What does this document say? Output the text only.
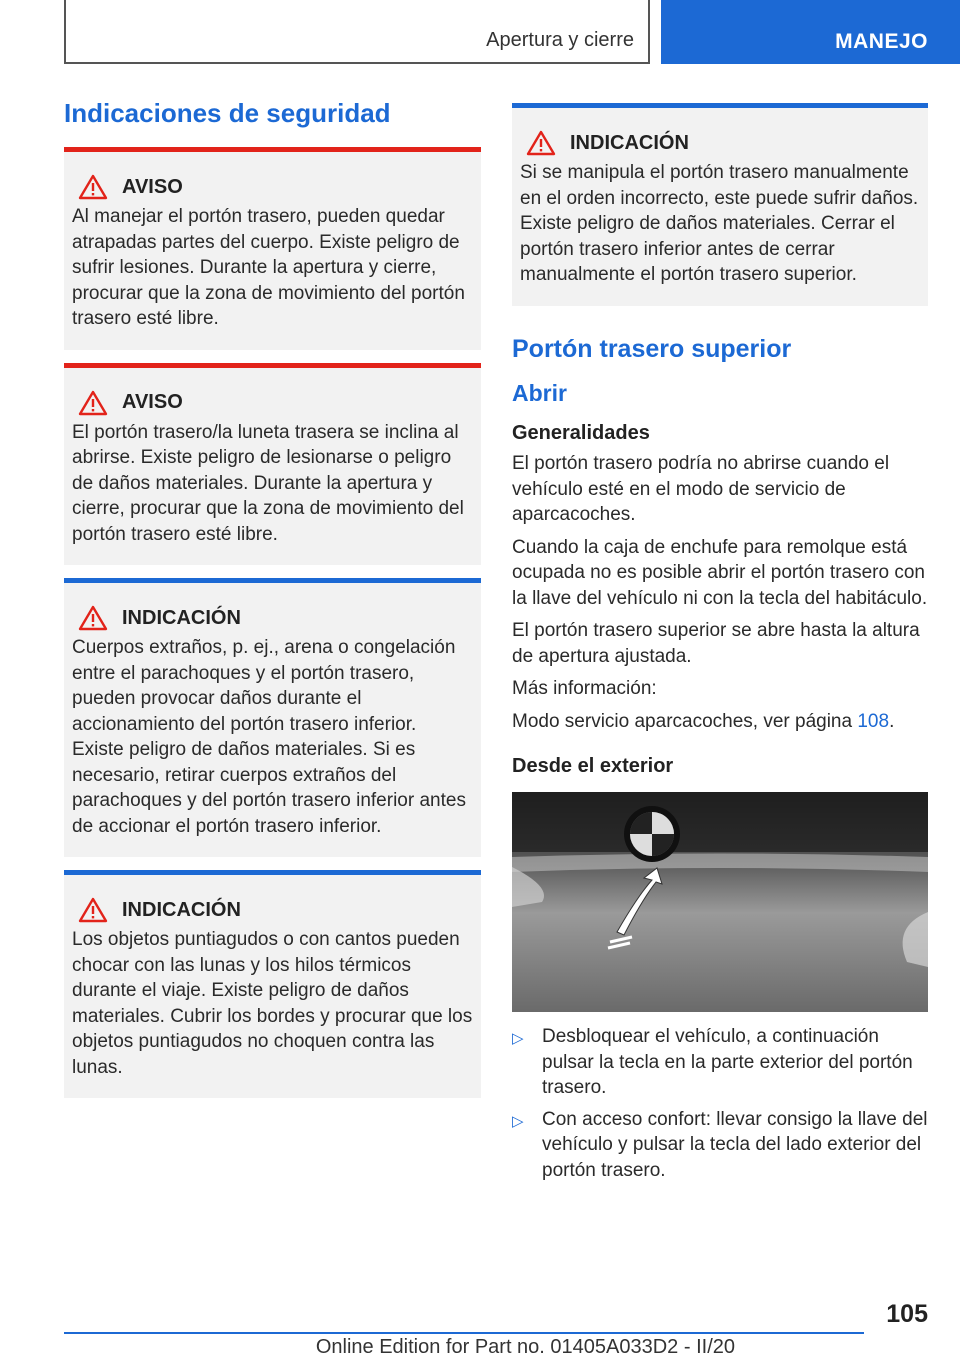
Apertura y cierre	MANEJO
Indicaciones de seguridad
AVISO
Al manejar el portón trasero, pueden quedar atrapadas partes del cuerpo. Existe peligro de sufrir lesiones. Durante la apertura y cierre, procurar que la zona de movimiento del portón trasero esté libre.
AVISO
El portón trasero/la luneta trasera se inclina al abrirse. Existe peligro de lesionarse o peligro de daños materiales. Durante la apertura y cierre, procurar que la zona de movimiento del portón trasero esté libre.
INDICACIÓN
Cuerpos extraños, p. ej., arena o congelación entre el parachoques y el portón trasero, pueden provocar daños durante el accionamiento del portón trasero inferior. Existe peligro de daños materiales. Si es necesario, retirar cuerpos extraños del parachoques y del portón trasero inferior antes de accionar el portón trasero inferior.
INDICACIÓN
Los objetos puntiagudos o con cantos pueden chocar con las lunas y los hilos térmicos durante el viaje. Existe peligro de daños materiales. Cubrir los bordes y procurar que los objetos puntiagudos no choquen contra las lunas.
INDICACIÓN
Si se manipula el portón trasero manualmente en el orden incorrecto, este puede sufrir daños. Existe peligro de daños materiales. Cerrar el portón trasero inferior antes de cerrar manualmente el portón trasero superior.
Portón trasero superior
Abrir
Generalidades

El portón trasero podría no abrirse cuando el vehículo esté en el modo de servicio de aparcacoches.

Cuando la caja de enchufe para remolque está ocupada no es posible abrir el portón trasero con la llave del vehículo ni con la tecla del habitáculo.

El portón trasero superior se abre hasta la altura de apertura ajustada.

Más información:

Modo servicio aparcacoches, ver página 108.

Desde el exterior
▷ Desbloquear el vehículo, a continuación pulsar la tecla en la parte exterior del portón trasero.
▷ Con acceso confort: llevar consigo la llave del vehículo y pulsar la tecla del lado exterior del portón trasero.
105
Online Edition for Part no. 01405A033D2 - II/20
